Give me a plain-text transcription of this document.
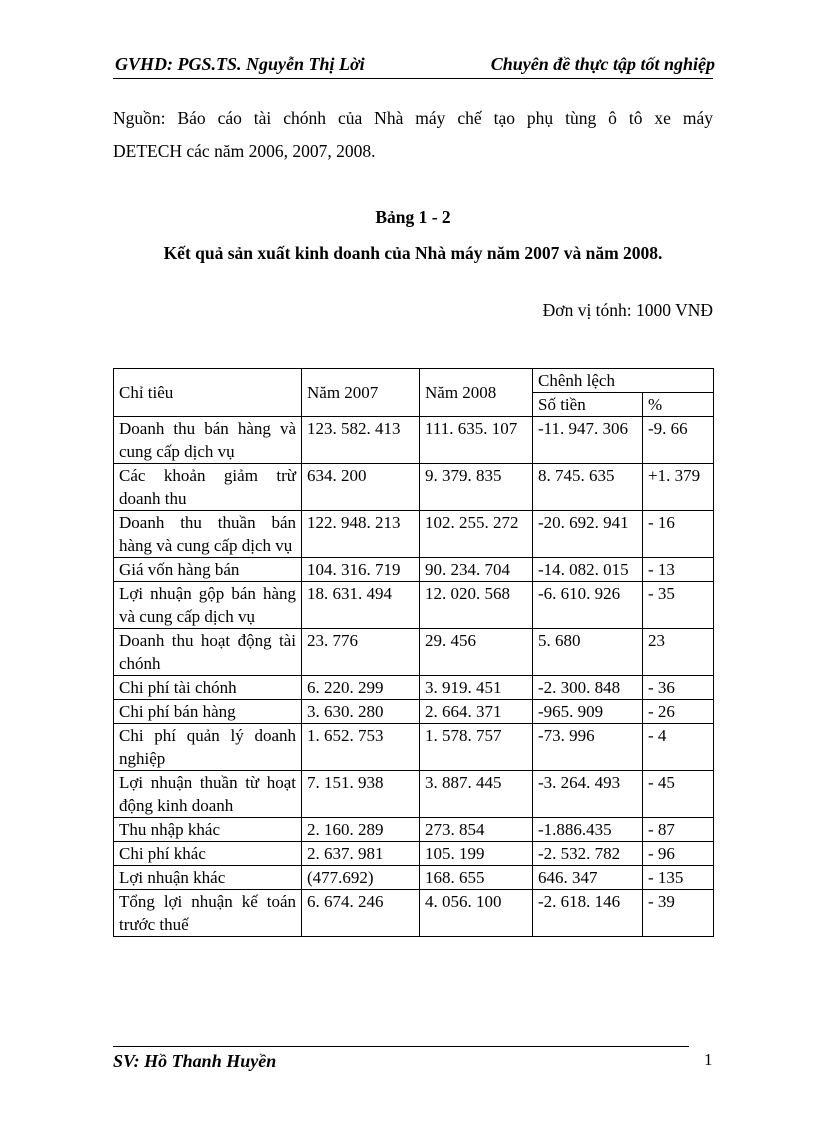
GVHD: PGS.TS. Nguyễn Thị Lời	Chuyên đề thực tập tốt nghiệp
Nguồn: Báo cáo tài chónh của Nhà máy chế tạo phụ tùng ô tô xe máy
DETECH các năm 2006, 2007, 2008.
Bảng 1 - 2
Kết quả sản xuất kinh doanh của Nhà máy năm 2007 và năm 2008.
Đơn vị tónh: 1000 VNĐ
Chỉ tiêu	Năm 2007	Năm 2008	Chênh lệch	
			Số tiền	%
Doanh thu bán hàng và cung cấp dịch vụ	123. 582. 413	111. 635. 107	-11. 947. 306	-9. 66
Các khoản giảm trừ doanh thu	634. 200	9. 379. 835	8. 745. 635	+1. 379
Doanh thu thuần bán hàng và cung cấp dịch vụ	122. 948. 213	102. 255. 272	-20. 692. 941	- 16
Giá vốn hàng bán	104. 316. 719	90. 234. 704	-14. 082. 015	- 13
Lợi nhuận gộp bán hàng và cung cấp dịch vụ	18. 631. 494	12. 020. 568	-6. 610. 926	- 35
Doanh thu hoạt động tài chónh	23. 776	29. 456	5. 680	23
Chi phí tài chónh	6. 220. 299	3. 919. 451	-2. 300. 848	- 36
Chi phí bán hàng	3. 630. 280	2. 664. 371	-965. 909	- 26
Chi phí quản lý doanh nghiệp	1. 652. 753	1. 578. 757	-73. 996	- 4
Lợi nhuận thuần từ hoạt động kinh doanh	7. 151. 938	3. 887. 445	-3. 264. 493	- 45
Thu nhập khác	2. 160. 289	273. 854	-1.886.435	- 87
Chi phí khác	2. 637. 981	105. 199	-2. 532. 782	- 96
Lợi nhuận khác	(477.692)	168. 655	646. 347	- 135
Tổng lợi nhuận kế toán trước thuế	6. 674. 246	4. 056. 100	-2. 618. 146	- 39
SV: Hồ Thanh Huyền	1
